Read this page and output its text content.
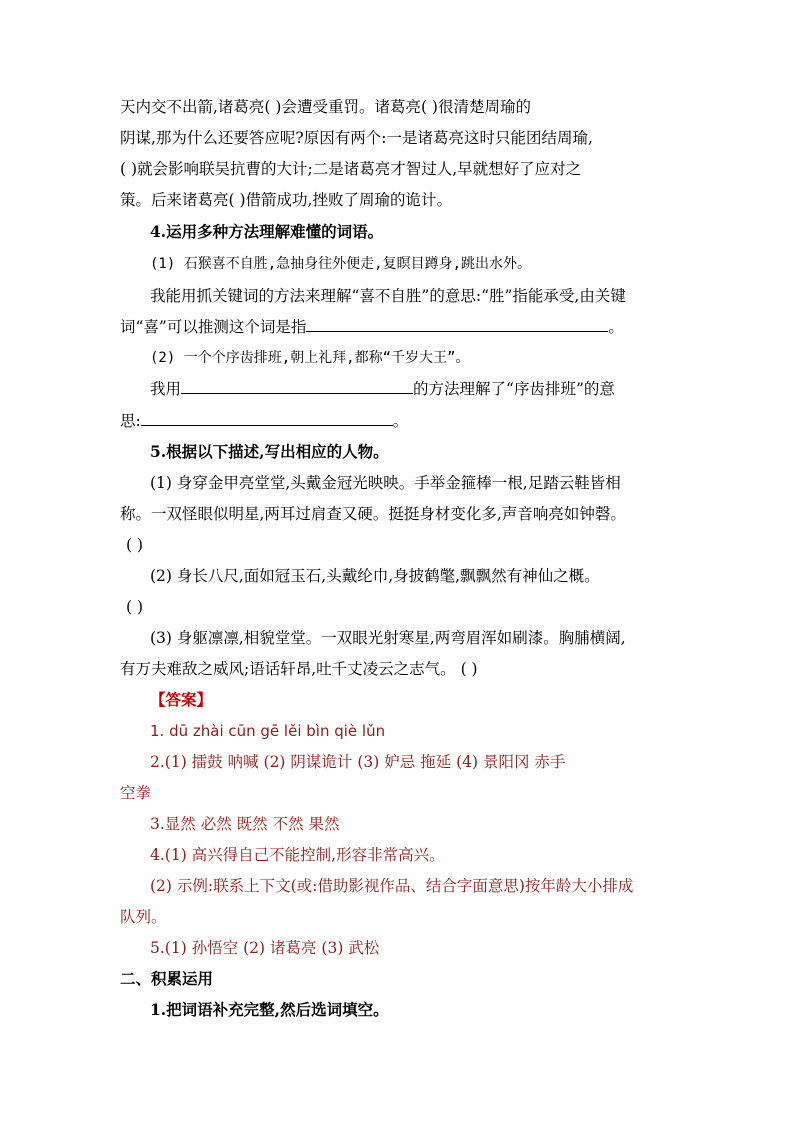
天内交不出箭,诸葛亮( )会遭受重罚。诸葛亮( )很清楚周瑜的
阴谋,那为什么还要答应呢?原因有两个:一是诸葛亮这时只能团结周瑜,
( )就会影响联吴抗曹的大计;二是诸葛亮才智过人,早就想好了应对之
策。后来诸葛亮( )借箭成功,挫败了周瑜的诡计。
4.运用多种方法理解难懂的词语。
(1) 石猴喜不自胜,急抽身往外便走,复瞑目蹲身,跳出水外。
我能用抓关键词的方法来理解“喜不自胜”的意思:“胜”指能承受,由关键
词“喜”可以推测这个词是指	。
(2) 一个个序齿排班,朝上礼拜,都称“千岁大王”。
我用	的方法理解了“序齿排班”的意
思:	。
5.根据以下描述,写出相应的人物。
(1) 身穿金甲亮堂堂,头戴金冠光映映。手举金箍棒一根,足踏云鞋皆相
称。一双怪眼似明星,两耳过肩查又硬。挺挺身材变化多,声音响亮如钟磬。
( )
(2) 身长八尺,面如冠玉石,头戴纶巾,身披鹤氅,飘飘然有神仙之概。
( )
(3) 身躯凛凛,相貌堂堂。一双眼光射寒星,两弯眉浑如刷漆。胸脯横阔,
有万夫难敌之威风;语话轩昂,吐千丈凌云之志气。 ( )
【答案】
1. dū zhài cūn gē lěi bìn qiè lǔn
2.(1) 擂鼓 呐喊 (2) 阴谋诡计 (3) 妒忌 拖延 (4) 景阳冈 赤手
空拳
3.显然 必然 既然 不然 果然
4.(1) 高兴得自己不能控制,形容非常高兴。
(2) 示例:联系上下文(或:借助影视作品、结合字面意思)按年龄大小排成
队列。
5.(1) 孙悟空 (2) 诸葛亮 (3) 武松
二、积累运用
1.把词语补充完整,然后选词填空。
